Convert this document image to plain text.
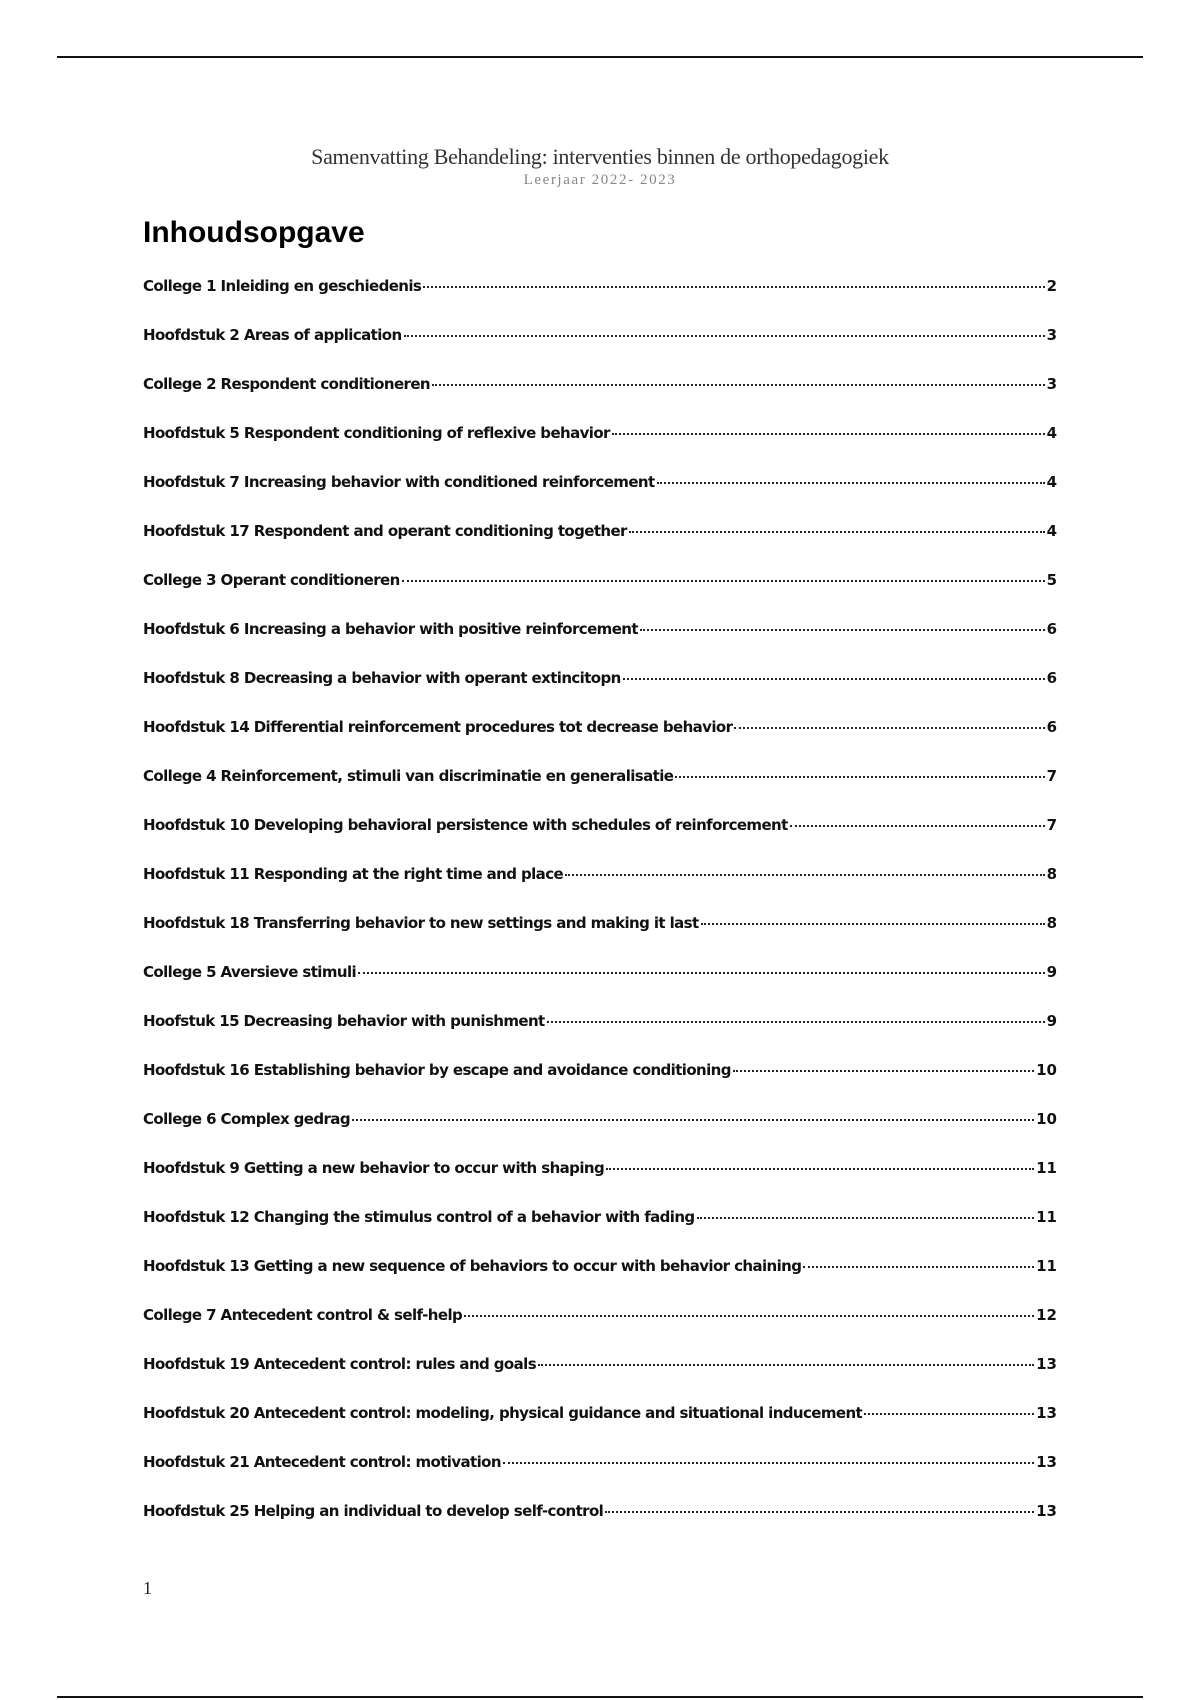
Samenvatting Behandeling: interventies binnen de orthopedagogiek
Leerjaar 2022- 2023
Inhoudsopgave
College 1 Inleiding en geschiedenis	2
Hoofdstuk 2 Areas of application	3
College 2 Respondent conditioneren	3
Hoofdstuk 5 Respondent conditioning of reflexive behavior	4
Hoofdstuk 7 Increasing behavior with conditioned reinforcement	4
Hoofdstuk 17 Respondent and operant conditioning together	4
College 3 Operant conditioneren	5
Hoofdstuk 6 Increasing a behavior with positive reinforcement	6
Hoofdstuk 8 Decreasing a behavior with operant extincitopn	6
Hoofdstuk 14 Differential reinforcement procedures tot decrease behavior	6
College 4 Reinforcement, stimuli van discriminatie en generalisatie	7
Hoofdstuk 10 Developing behavioral persistence with schedules of reinforcement	7
Hoofdstuk 11 Responding at the right time and place	8
Hoofdstuk 18 Transferring behavior to new settings and making it last	8
College 5 Aversieve stimuli	9
Hoofstuk 15 Decreasing behavior with punishment	9
Hoofdstuk 16 Establishing behavior by escape and avoidance conditioning	10
College 6 Complex gedrag	10
Hoofdstuk 9 Getting a new behavior to occur with shaping	11
Hoofdstuk 12 Changing the stimulus control of a behavior with fading	11
Hoofdstuk 13 Getting a new sequence of behaviors to occur with behavior chaining	11
College 7 Antecedent control & self-help	12
Hoofdstuk 19 Antecedent control: rules and goals	13
Hoofdstuk 20 Antecedent control: modeling, physical guidance and situational inducement	13
Hoofdstuk 21 Antecedent control: motivation	13
Hoofdstuk 25 Helping an individual to develop self-control	13
1
